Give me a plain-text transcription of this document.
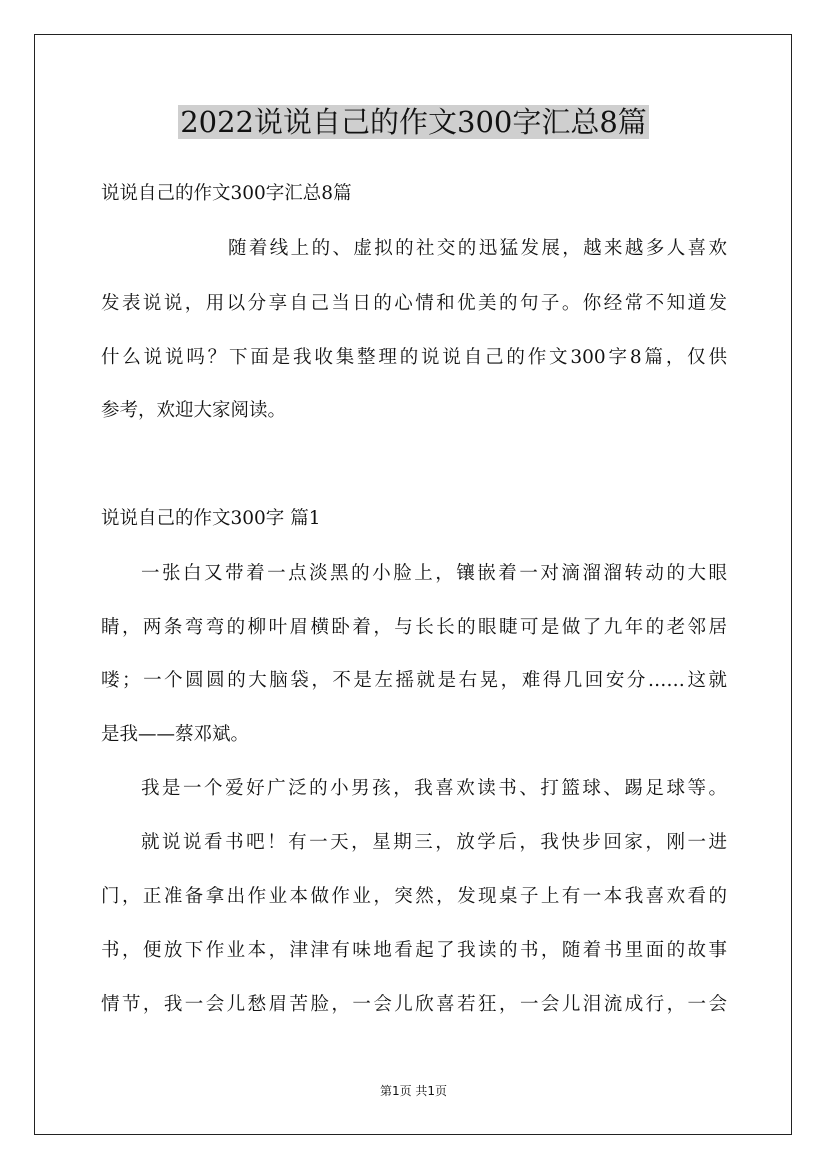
2022说说自己的作文300字汇总8篇
说说自己的作文300字汇总8篇
随着线上的、虚拟的社交的迅猛发展，越来越多人喜欢
发表说说，用以分享自己当日的心情和优美的句子。你经常不知道发
什么说说吗？下面是我收集整理的说说自己的作文300字8篇，仅供
参考，欢迎大家阅读。
说说自己的作文300字 篇1
一张白又带着一点淡黑的小脸上，镶嵌着一对滴溜溜转动的大眼
睛，两条弯弯的柳叶眉横卧着，与长长的眼睫可是做了九年的老邻居
喽；一个圆圆的大脑袋，不是左摇就是右晃，难得几回安分……这就
是我——蔡邓斌。
我是一个爱好广泛的小男孩，我喜欢读书、打篮球、踢足球等。
就说说看书吧！有一天，星期三，放学后，我快步回家，刚一进
门，正准备拿出作业本做作业，突然，发现桌子上有一本我喜欢看的
书，便放下作业本，津津有味地看起了我读的书，随着书里面的故事
情节，我一会儿愁眉苦脸，一会儿欣喜若狂，一会儿泪流成行，一会
第1页 共1页
